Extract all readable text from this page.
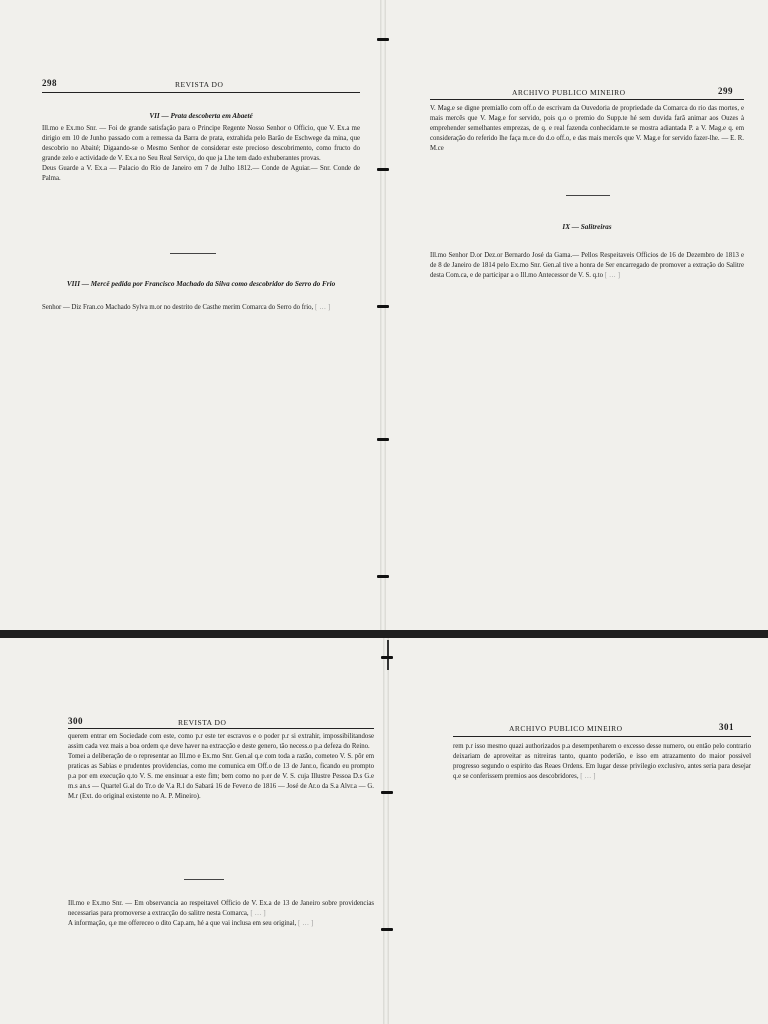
298	REVISTA DO
VII — Prata descoberta em Abaeté
Ill.mo e Ex.mo Snr. — Foi de grande satisfação para o Principe Regente Nosso Senhor o Officio, que V. Ex.a me dirigio em 10 de Junho passado com a remessa da Barra de prata, extrahida pelo Barão de Eschwege da mina, que descobrio no Abaité; Digaando-se o Mesmo Senhor de considerar este precioso descobrimento, como fructo do grande zelo e actividade de V. Ex.a no Seu Real Serviço, do que ja Lhe tem dado exhuberantes provas.
Deus Guarde a V. Ex.a — Palacio do Rio de Janeiro em 7 de Julho 1812.— Conde de Aguiar.— Snr. Conde de Palma.
VIII — Mercê pedida por Francisco Machado da Silva como descobridor do Serro do Frio
Senhor — Diz Fran.co Machado Sylva m.or no destrito de Casthe merim Comarca do Serro do frio, […]
ARCHIVO PUBLICO MINEIRO	299
V. Mag.e se digne premiallo com off.o de escrivam da Ouvedoria de propriedade da Comarca do rio das mortes, e mais mercês que V. Mag.e for servido, pois q.o o premio do Supp.te hé sem duvida farã animar aos Ouzes à emprehender semelhantes emprezas, de q. e real fazenda conhecidam.te se mostra adiantada P. a V. Mag.e q. em consideração do referido lhe faça m.ce do d.o off.o, e das mais mercês que V. Mag.e for servido fazer-lhe. — E. R. M.ce
IX — Salitreiras
Ill.mo Senhor D.or Dez.or Bernardo José da Gama.— Pellos Respeitaveis Officios de 16 de Dezembro de 1813 e de 8 de Janeiro de 1814 pelo Ex.mo Snr. Gen.al tive a honra de Ser encarregado de promover a extração do Salitre desta Com.ca, e de participar a o Ill.mo Antecessor de V. S. q.to […]
300	REVISTA DO
querem entrar em Sociedade com este, como p.r este ter escravos e o poder p.r si extrahir, impossibilitandose assim cada vez mais a boa ordem q.e deve haver na extracção e deste genero, tão necess.o p.a defeza do Reino.
Tomei a deliberação de o representar ao Ill.mo e Ex.mo Snr. Gen.al q.e com toda a razão, cometeo V. S. pôr em praticas as Sabias e prudentes providencias, como me comunica em Off.o de 13 de Janr.o, ficando eu prompto p.a por em execução q.to V. S. me ensinuar a este fim; bem como no p.er de V. S. cuja Illustre Pessoa D.s G.e m.s an.s — Quartel G.al do Tr.o de V.a R.l do Sabará 16 de Fever.o de 1816 — José de Ar.o da S.a Alvr.a — G. M.r (Ext. do original existente no A. P. Mineiro).
Ill.mo e Ex.mo Snr. — Em observancia ao respeitavel Officio de V. Ex.a de 13 de Janeiro sobre providencias necessarias para promoverse a extracção do salitre nesta Comarca, […]
A informação, q.e me offereceo o dito Cap.am, hé a que vai inclusa em seu original, […]
ARCHIVO PUBLICO MINEIRO	301
rem p.r isso mesmo quazi authorizados p.a desempenharem o excesso desse numero, ou então pelo contrario deixariam de aproveitar as nitreiras tanto, quanto poderião, e isso em atrazamento do maior possivel progresso segundo o espirito das Reaes Ordens. Em lugar desse privilegio exclusivo, antes seria para desejar q.e se conferissem premios aos descobridores, […]
